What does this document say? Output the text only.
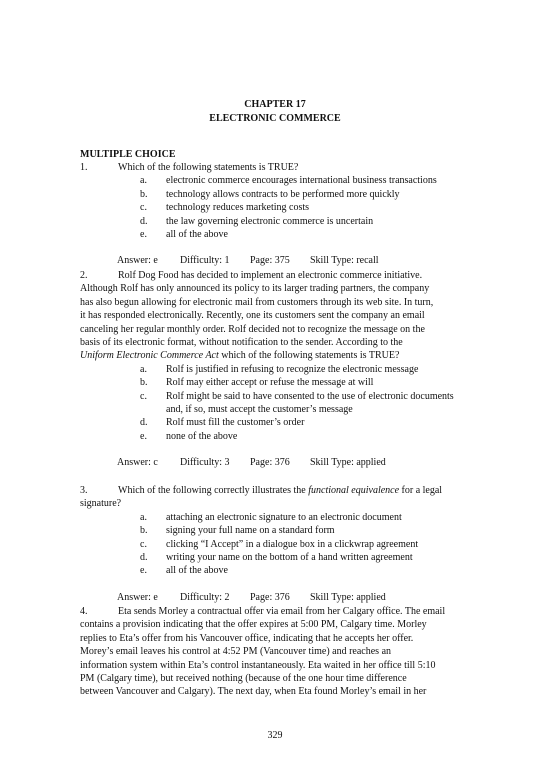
CHAPTER 17
ELECTRONIC COMMERCE
MULTIPLE CHOICE
1.	Which of the following statements is TRUE?
a.	electronic commerce encourages international business transactions
b.	technology allows contracts to be performed more quickly
c.	technology reduces marketing costs
d.	the law governing electronic commerce is uncertain
e.	all of the above
Answer: e	Difficulty: 1	Page: 375	Skill Type: recall
2.	Rolf Dog Food has decided to implement an electronic commerce initiative.
Although Rolf has only announced its policy to its larger trading partners, the company
has also begun allowing for electronic mail from customers through its web site. In turn,
it has responded electronically. Recently, one its customers sent the company an email
canceling her regular monthly order. Rolf decided not to recognize the message on the
basis of its electronic format, without notification to the sender. According to the
Uniform Electronic Commerce Act which of the following statements is TRUE?
a.	Rolf is justified in refusing to recognize the electronic message
b.	Rolf may either accept or refuse the message at will
c.	Rolf might be said to have consented to the use of electronic documents and, if so, must accept the customer’s message
d.	Rolf must fill the customer’s order
e.	none of the above
Answer: c	Difficulty: 3	Page: 376	Skill Type: applied
3.	Which of the following correctly illustrates the functional equivalence for a legal
signature?
a.	attaching an electronic signature to an electronic document
b.	signing your full name on a standard form
c.	clicking “I Accept” in a dialogue box in a clickwrap agreement
d.	writing your name on the bottom of a hand written agreement
e.	all of the above
Answer: e	Difficulty: 2	Page: 376	Skill Type: applied
4.	Eta sends Morley a contractual offer via email from her Calgary office. The email
contains a provision indicating that the offer expires at 5:00 PM, Calgary time. Morley
replies to Eta’s offer from his Vancouver office, indicating that he accepts her offer.
Morey’s email leaves his control at 4:52 PM (Vancouver time) and reaches an
information system within Eta’s control instantaneously. Eta waited in her office till 5:10
PM (Calgary time), but received nothing (because of the one hour time difference
between Vancouver and Calgary). The next day, when Eta found Morley’s email in her
329
